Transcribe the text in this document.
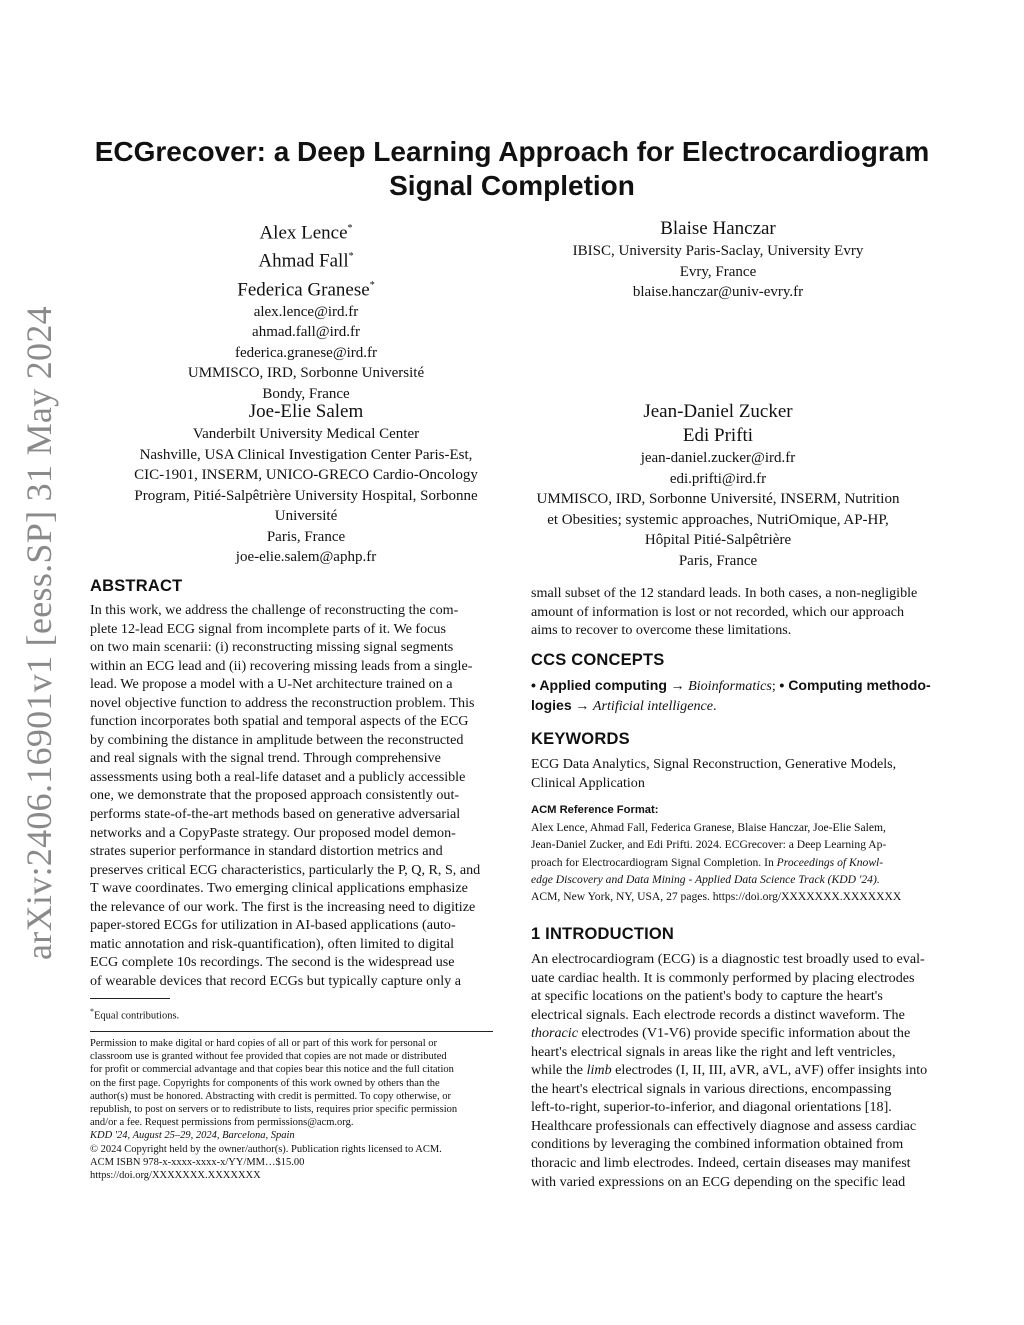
arXiv:2406.16901v1 [eess.SP] 31 May 2024
ECGrecover: a Deep Learning Approach for Electrocardiogram
Signal Completion
Alex Lence*
Ahmad Fall*
Federica Granese*
alex.lence@ird.fr
ahmad.fall@ird.fr
federica.granese@ird.fr
UMMISCO, IRD, Sorbonne Université
Bondy, France
Blaise Hanczar
IBISC, University Paris-Saclay, University Evry
Evry, France
blaise.hanczar@univ-evry.fr
Joe-Elie Salem
Vanderbilt University Medical Center
Nashville, USA Clinical Investigation Center Paris-Est,
CIC-1901, INSERM, UNICO-GRECO Cardio-Oncology
Program, Pitié-Salpêtrière University Hospital, Sorbonne
Université
Paris, France
joe-elie.salem@aphp.fr
Jean-Daniel Zucker
Edi Prifti
jean-daniel.zucker@ird.fr
edi.prifti@ird.fr
UMMISCO, IRD, Sorbonne Université, INSERM, Nutrition
et Obesities; systemic approaches, NutriOmique, AP-HP,
Hôpital Pitié-Salpêtrière
Paris, France
ABSTRACT
In this work, we address the challenge of reconstructing the com-
plete 12-lead ECG signal from incomplete parts of it. We focus
on two main scenarii: (i) reconstructing missing signal segments
within an ECG lead and (ii) recovering missing leads from a single-
lead. We propose a model with a U-Net architecture trained on a
novel objective function to address the reconstruction problem. This
function incorporates both spatial and temporal aspects of the ECG
by combining the distance in amplitude between the reconstructed
and real signals with the signal trend. Through comprehensive
assessments using both a real-life dataset and a publicly accessible
one, we demonstrate that the proposed approach consistently out-
performs state-of-the-art methods based on generative adversarial
networks and a CopyPaste strategy. Our proposed model demon-
strates superior performance in standard distortion metrics and
preserves critical ECG characteristics, particularly the P, Q, R, S, and
T wave coordinates. Two emerging clinical applications emphasize
the relevance of our work. The first is the increasing need to digitize
paper-stored ECGs for utilization in AI-based applications (auto-
matic annotation and risk-quantification), often limited to digital
ECG complete 10s recordings. The second is the widespread use
of wearable devices that record ECGs but typically capture only a
*Equal contributions.
Permission to make digital or hard copies of all or part of this work for personal or
classroom use is granted without fee provided that copies are not made or distributed
for profit or commercial advantage and that copies bear this notice and the full citation
on the first page. Copyrights for components of this work owned by others than the
author(s) must be honored. Abstracting with credit is permitted. To copy otherwise, or
republish, to post on servers or to redistribute to lists, requires prior specific permission
and/or a fee. Request permissions from permissions@acm.org.
KDD '24, August 25–29, 2024, Barcelona, Spain
© 2024 Copyright held by the owner/author(s). Publication rights licensed to ACM.
ACM ISBN 978-x-xxxx-xxxx-x/YY/MM…$15.00
https://doi.org/XXXXXXX.XXXXXXX
small subset of the 12 standard leads. In both cases, a non-negligible
amount of information is lost or not recorded, which our approach
aims to recover to overcome these limitations.
CCS CONCEPTS
• Applied computing → Bioinformatics; • Computing methodo-
logies → Artificial intelligence.
KEYWORDS
ECG Data Analytics, Signal Reconstruction, Generative Models,
Clinical Application
ACM Reference Format:
Alex Lence, Ahmad Fall, Federica Granese, Blaise Hanczar, Joe-Elie Salem,
Jean-Daniel Zucker, and Edi Prifti. 2024. ECGrecover: a Deep Learning Ap-
proach for Electrocardiogram Signal Completion. In Proceedings of Knowl-
edge Discovery and Data Mining - Applied Data Science Track (KDD '24).
ACM, New York, NY, USA, 27 pages. https://doi.org/XXXXXXX.XXXXXXX
1 INTRODUCTION
An electrocardiogram (ECG) is a diagnostic test broadly used to eval-
uate cardiac health. It is commonly performed by placing electrodes
at specific locations on the patient's body to capture the heart's
electrical signals. Each electrode records a distinct waveform. The
thoracic electrodes (V1-V6) provide specific information about the
heart's electrical signals in areas like the right and left ventricles,
while the limb electrodes (I, II, III, aVR, aVL, aVF) offer insights into
the heart's electrical signals in various directions, encompassing
left-to-right, superior-to-inferior, and diagonal orientations [18].
Healthcare professionals can effectively diagnose and assess cardiac
conditions by leveraging the combined information obtained from
thoracic and limb electrodes. Indeed, certain diseases may manifest
with varied expressions on an ECG depending on the specific lead
